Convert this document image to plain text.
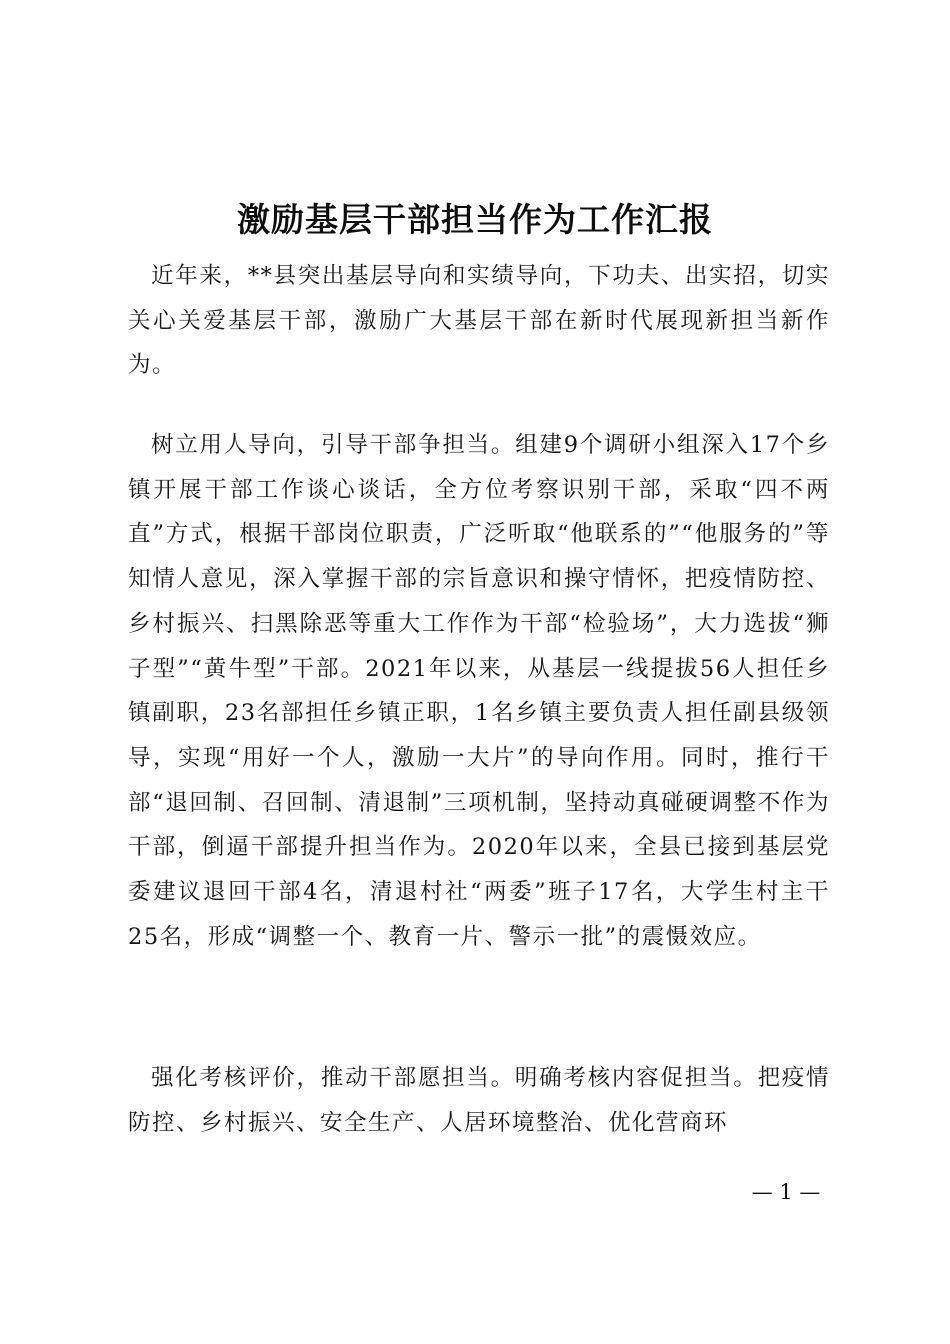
激励基层干部担当作为工作汇报

近年来，**县突出基层导向和实绩导向，下功夫、出实招，切实关心关爱基层干部，激励广大基层干部在新时代展现新担当新作为。

树立用人导向，引导干部争担当。组建9个调研小组深入17个乡镇开展干部工作谈心谈话，全方位考察识别干部，采取“四不两直”方式，根据干部岗位职责，广泛听取“他联系的”“他服务的”等知情人意见，深入掌握干部的宗旨意识和操守情怀，把疫情防控、乡村振兴、扫黑除恶等重大工作作为干部“检验场”，大力选拔“狮子型”“黄牛型”干部。2021年以来，从基层一线提拔56人担任乡镇副职，23名部担任乡镇正职，1名乡镇主要负责人担任副县级领导，实现“用好一个人，激励一大片”的导向作用。同时，推行干部“退回制、召回制、清退制”三项机制，坚持动真碰硬调整不作为干部，倒逼干部提升担当作为。2020年以来，全县已接到基层党委建议退回干部4名，清退村社“两委”班子17名，大学生村主干25名，形成“调整一个、教育一片、警示一批”的震慑效应。

强化考核评价，推动干部愿担当。明确考核内容促担当。把疫情防控、乡村振兴、安全生产、人居环境整治、优化营商环

— 1 —
